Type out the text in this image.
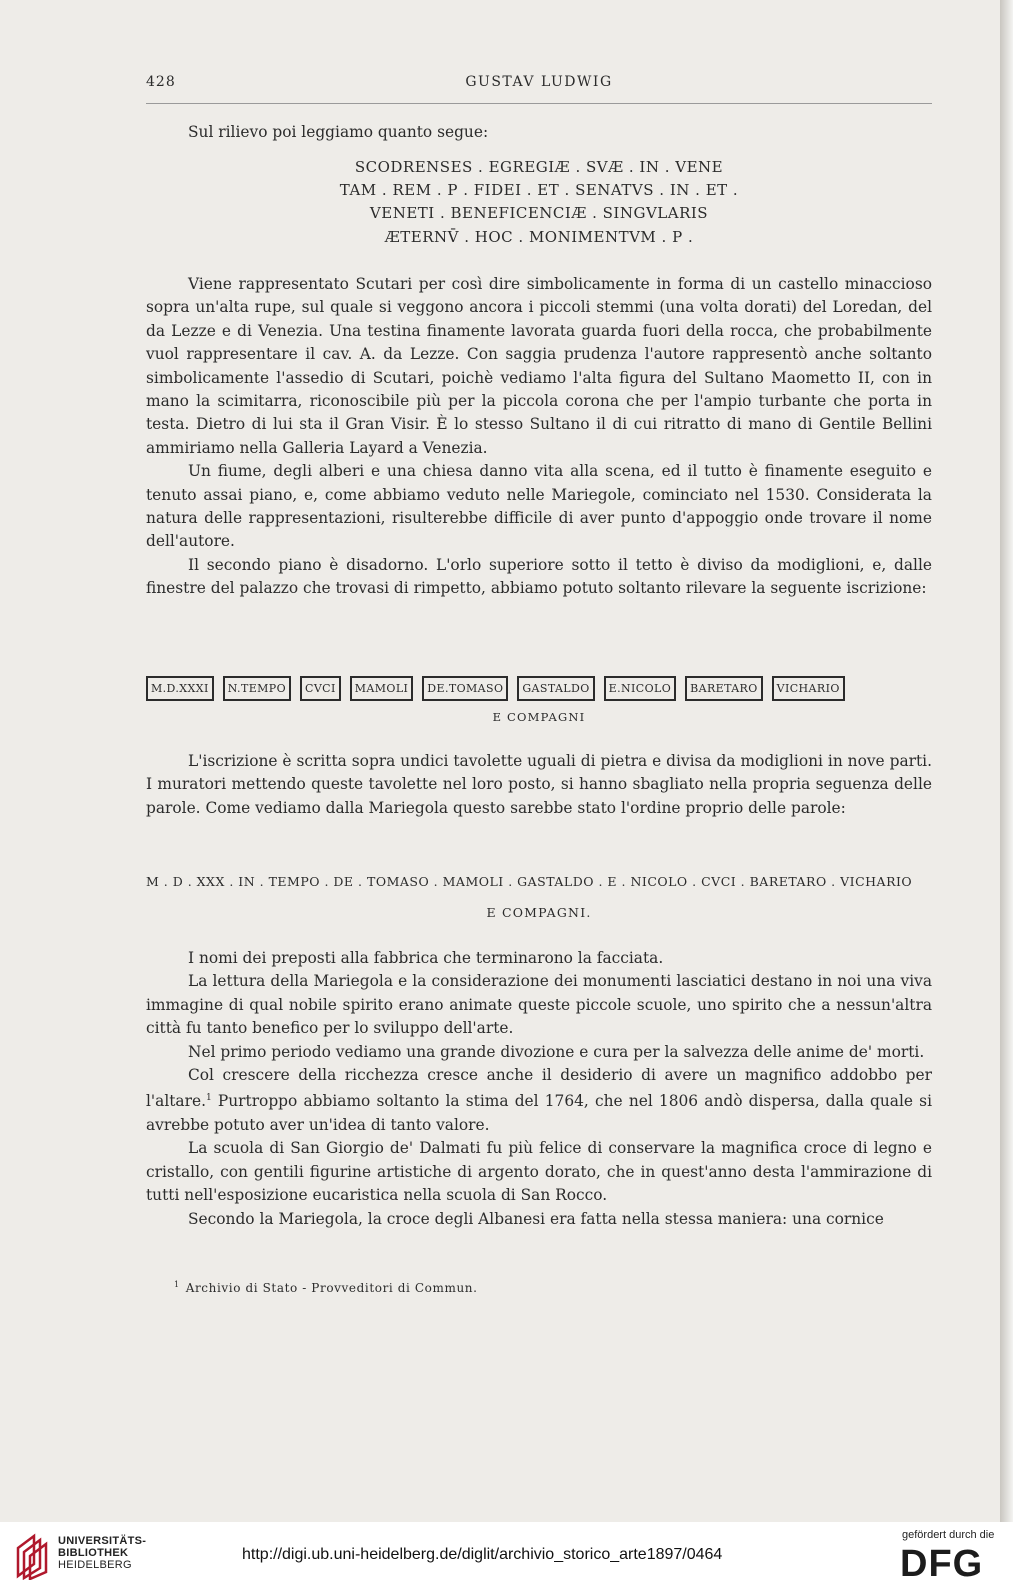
428	GUSTAV LUDWIG

Sul rilievo poi leggiamo quanto segue:

SCODRENSES . EGREGIÆ . SVÆ . IN . VENE
TAM . REM . P . FIDEI . ET . SENATVS . IN . ET .
VENETI . BENEFICENCIÆ . SINGVLARIS
ÆTERNV̄ . HOC . MONIMENTVM . P .

Viene rappresentato Scutari per così dire simbolicamente in forma di un castello minaccioso sopra un'alta rupe, sul quale si veggono ancora i piccoli stemmi (una volta dorati) del Loredan, del da Lezze e di Venezia. Una testina finamente lavorata guarda fuori della rocca, che probabilmente vuol rappresentare il cav. A. da Lezze. Con saggia prudenza l'autore rappresentò anche soltanto simbolicamente l'assedio di Scutari, poichè vediamo l'alta figura del Sultano Maometto II, con in mano la scimitarra, riconoscibile più per la piccola corona che per l'ampio turbante che porta in testa. Dietro di lui sta il Gran Visir. È lo stesso Sultano il di cui ritratto di mano di Gentile Bellini ammiriamo nella Galleria Layard a Venezia.

Un fiume, degli alberi e una chiesa danno vita alla scena, ed il tutto è finamente eseguito e tenuto assai piano, e, come abbiamo veduto nelle Mariegole, cominciato nel 1530. Considerata la natura delle rappresentazioni, risulterebbe difficile di aver punto d'appoggio onde trovare il nome dell'autore.

Il secondo piano è disadorno. L'orlo superiore sotto il tetto è diviso da modiglioni, e, dalle finestre del palazzo che trovasi di rimpetto, abbiamo potuto soltanto rilevare la seguente iscrizione:

M.D.XXXI	N.TEMPO	CVCI	MAMOLI	DE.TOMASO	GASTALDO	E.NICOLO	BARETARO	VICHARIO
E COMPAGNI

L'iscrizione è scritta sopra undici tavolette uguali di pietra e divisa da modiglioni in nove parti. I muratori mettendo queste tavolette nel loro posto, si hanno sbagliato nella propria seguenza delle parole. Come vediamo dalla Mariegola questo sarebbe stato l'ordine proprio delle parole:

M . D . XXX . IN . TEMPO . DE . TOMASO . MAMOLI . GASTALDO . E . NICOLO . CVCI . BARETARO . VICHARIO
E COMPAGNI.

I nomi dei preposti alla fabbrica che terminarono la facciata.

La lettura della Mariegola e la considerazione dei monumenti lasciatici destano in noi una viva immagine di qual nobile spirito erano animate queste piccole scuole, uno spirito che a nessun'altra città fu tanto benefico per lo sviluppo dell'arte.

Nel primo periodo vediamo una grande divozione e cura per la salvezza delle anime de' morti.

Col crescere della ricchezza cresce anche il desiderio di avere un magnifico addobbo per l'altare.$^1$ Purtroppo abbiamo soltanto la stima del 1764, che nel 1806 andò dispersa, dalla quale si avrebbe potuto aver un'idea di tanto valore.

La scuola di San Giorgio de' Dalmati fu più felice di conservare la magnifica croce di legno e cristallo, con gentili figurine artistiche di argento dorato, che in quest'anno desta l'ammirazione di tutti nell'esposizione eucaristica nella scuola di San Rocco.

Secondo la Mariegola, la croce degli Albanesi era fatta nella stessa maniera: una cornice

$^1$ Archivio di Stato - Provveditori di Commun.
UNIVERSITÄTS-
BIBLIOTHEK
HEIDELBERG
http://digi.ub.uni-heidelberg.de/diglit/archivio_storico_arte1897/0464
gefördert durch die
DFG
